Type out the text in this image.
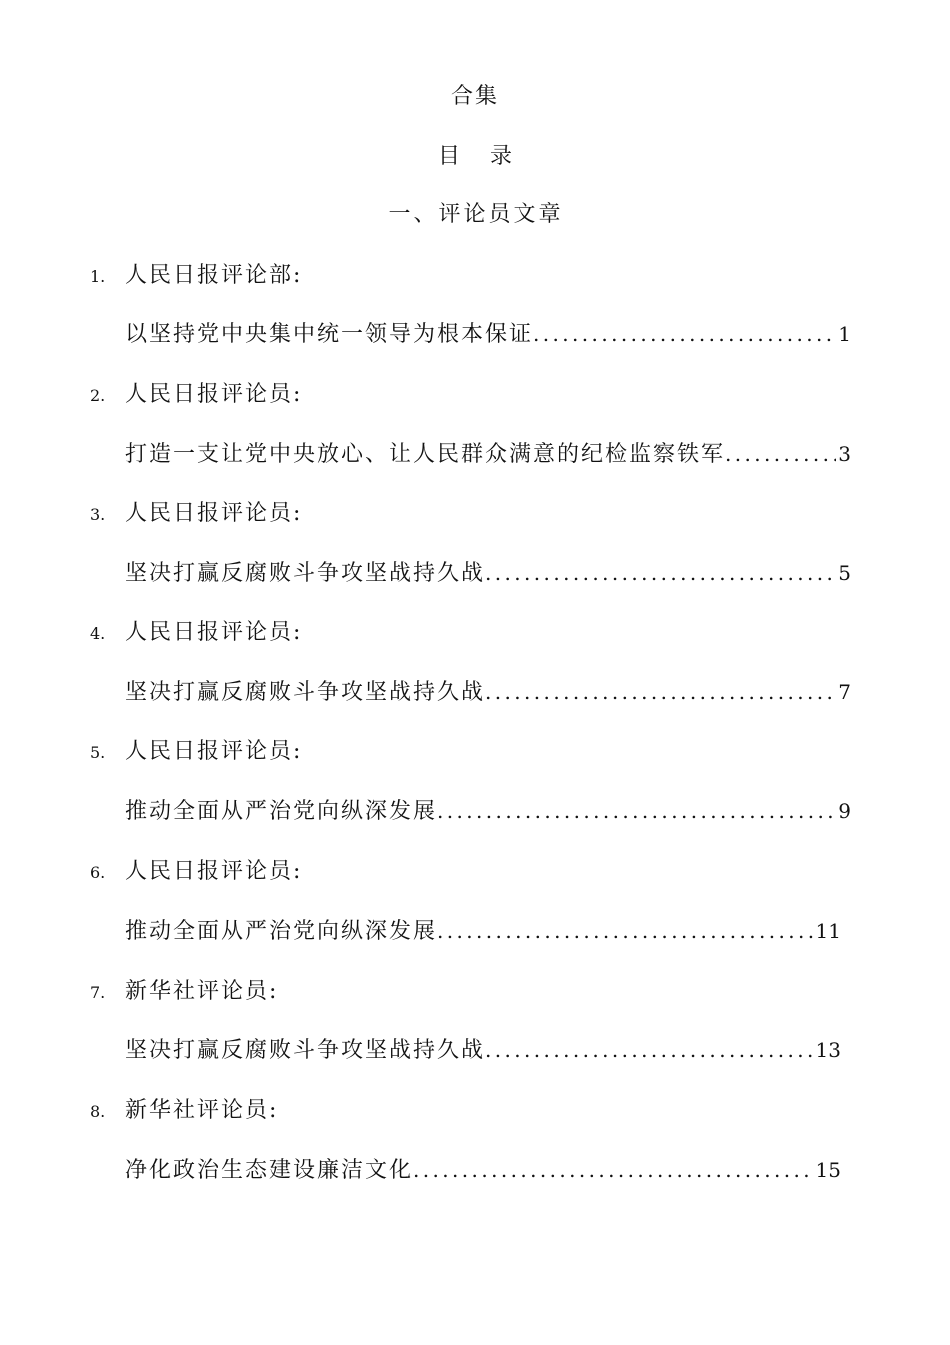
合集
目录
一、评论员文章
1. 人民日报评论部:
以坚持党中央集中统一领导为根本保证 .....	1
2. 人民日报评论员:
打造一支让党中央放心、让人民群众满意的纪检监察铁军 .....	3
3. 人民日报评论员:
坚决打赢反腐败斗争攻坚战持久战 .....	5
4. 人民日报评论员:
坚决打赢反腐败斗争攻坚战持久战 .....	7
5. 人民日报评论员:
推动全面从严治党向纵深发展 .....	9
6. 人民日报评论员:
推动全面从严治党向纵深发展 .....	11
7. 新华社评论员:
坚决打赢反腐败斗争攻坚战持久战 .....	13
8. 新华社评论员:
净化政治生态建设廉洁文化 .....	15
